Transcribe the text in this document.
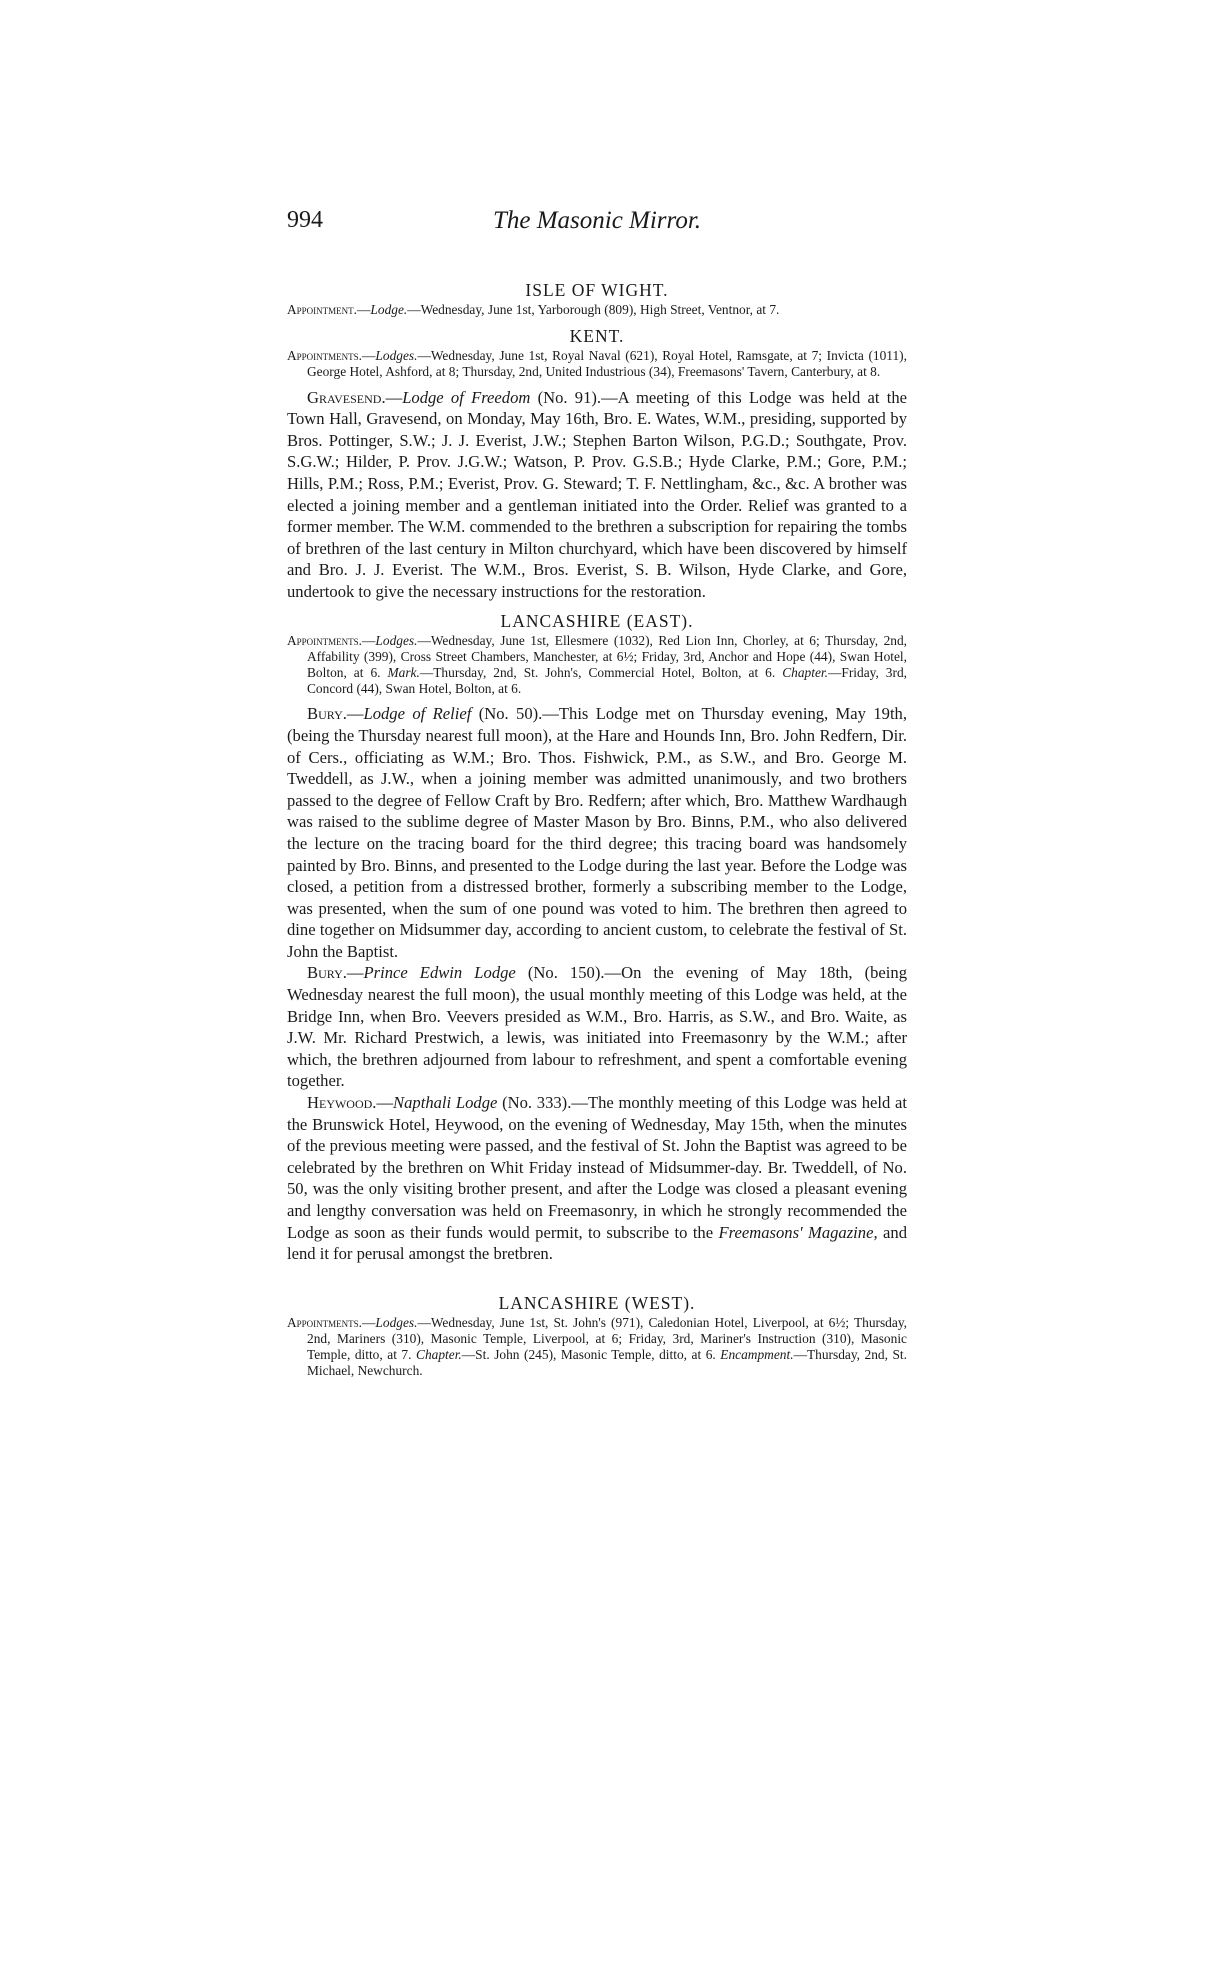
994	The Masonic Mirror.

ISLE OF WIGHT.

Appointment.—Lodge.—Wednesday, June 1st, Yarborough (809), High Street, Ventnor, at 7.

KENT.

Appointments.—Lodges.—Wednesday, June 1st, Royal Naval (621), Royal Hotel, Ramsgate, at 7; Invicta (1011), George Hotel, Ashford, at 8; Thursday, 2nd, United Industrious (34), Freemasons' Tavern, Canterbury, at 8.

Gravesend.—Lodge of Freedom (No. 91).—A meeting of this Lodge was held at the Town Hall, Gravesend, on Monday, May 16th, Bro. E. Wates, W.M., presiding, supported by Bros. Pottinger, S.W.; J. J. Everist, J.W.; Stephen Barton Wilson, P.G.D.; Southgate, Prov. S.G.W.; Hilder, P. Prov. J.G.W.; Watson, P. Prov. G.S.B.; Hyde Clarke, P.M.; Gore, P.M.; Hills, P.M.; Ross, P.M.; Everist, Prov. G. Steward; T. F. Nettlingham, &c., &c. A brother was elected a joining member and a gentleman initiated into the Order. Relief was granted to a former member. The W.M. commended to the brethren a subscription for repairing the tombs of brethren of the last century in Milton churchyard, which have been discovered by himself and Bro. J. J. Everist. The W.M., Bros. Everist, S. B. Wilson, Hyde Clarke, and Gore, undertook to give the necessary instructions for the restoration.

LANCASHIRE (EAST).

Appointments.—Lodges.—Wednesday, June 1st, Ellesmere (1032), Red Lion Inn, Chorley, at 6; Thursday, 2nd, Affability (399), Cross Street Chambers, Manchester, at 6½; Friday, 3rd, Anchor and Hope (44), Swan Hotel, Bolton, at 6. Mark.—Thursday, 2nd, St. John's, Commercial Hotel, Bolton, at 6. Chapter.—Friday, 3rd, Concord (44), Swan Hotel, Bolton, at 6.

Bury.—Lodge of Relief (No. 50).—This Lodge met on Thursday evening, May 19th, (being the Thursday nearest full moon), at the Hare and Hounds Inn, Bro. John Redfern, Dir. of Cers., officiating as W.M.; Bro. Thos. Fishwick, P.M., as S.W., and Bro. George M. Tweddell, as J.W., when a joining member was admitted unanimously, and two brothers passed to the degree of Fellow Craft by Bro. Redfern; after which, Bro. Matthew Wardhaugh was raised to the sublime degree of Master Mason by Bro. Binns, P.M., who also delivered the lecture on the tracing board for the third degree; this tracing board was handsomely painted by Bro. Binns, and presented to the Lodge during the last year. Before the Lodge was closed, a petition from a distressed brother, formerly a subscribing member to the Lodge, was presented, when the sum of one pound was voted to him. The brethren then agreed to dine together on Midsummer day, according to ancient custom, to celebrate the festival of St. John the Baptist.

Bury.—Prince Edwin Lodge (No. 150).—On the evening of May 18th, (being Wednesday nearest the full moon), the usual monthly meeting of this Lodge was held, at the Bridge Inn, when Bro. Veevers presided as W.M., Bro. Harris, as S.W., and Bro. Waite, as J.W. Mr. Richard Prestwich, a lewis, was initiated into Freemasonry by the W.M.; after which, the brethren adjourned from labour to refreshment, and spent a comfortable evening together.

Heywood.—Napthali Lodge (No. 333).—The monthly meeting of this Lodge was held at the Brunswick Hotel, Heywood, on the evening of Wednesday, May 15th, when the minutes of the previous meeting were passed, and the festival of St. John the Baptist was agreed to be celebrated by the brethren on Whit Friday instead of Midsummer-day. Br. Tweddell, of No. 50, was the only visiting brother present, and after the Lodge was closed a pleasant evening and lengthy conversation was held on Freemasonry, in which he strongly recommended the Lodge as soon as their funds would permit, to subscribe to the Freemasons' Magazine, and lend it for perusal amongst the bretbren.

LANCASHIRE (WEST).

Appointments.—Lodges.—Wednesday, June 1st, St. John's (971), Caledonian Hotel, Liverpool, at 6½; Thursday, 2nd, Mariners (310), Masonic Temple, Liverpool, at 6; Friday, 3rd, Mariner's Instruction (310), Masonic Temple, ditto, at 7. Chapter.—St. John (245), Masonic Temple, ditto, at 6. Encampment.—Thursday, 2nd, St. Michael, Newchurch.
